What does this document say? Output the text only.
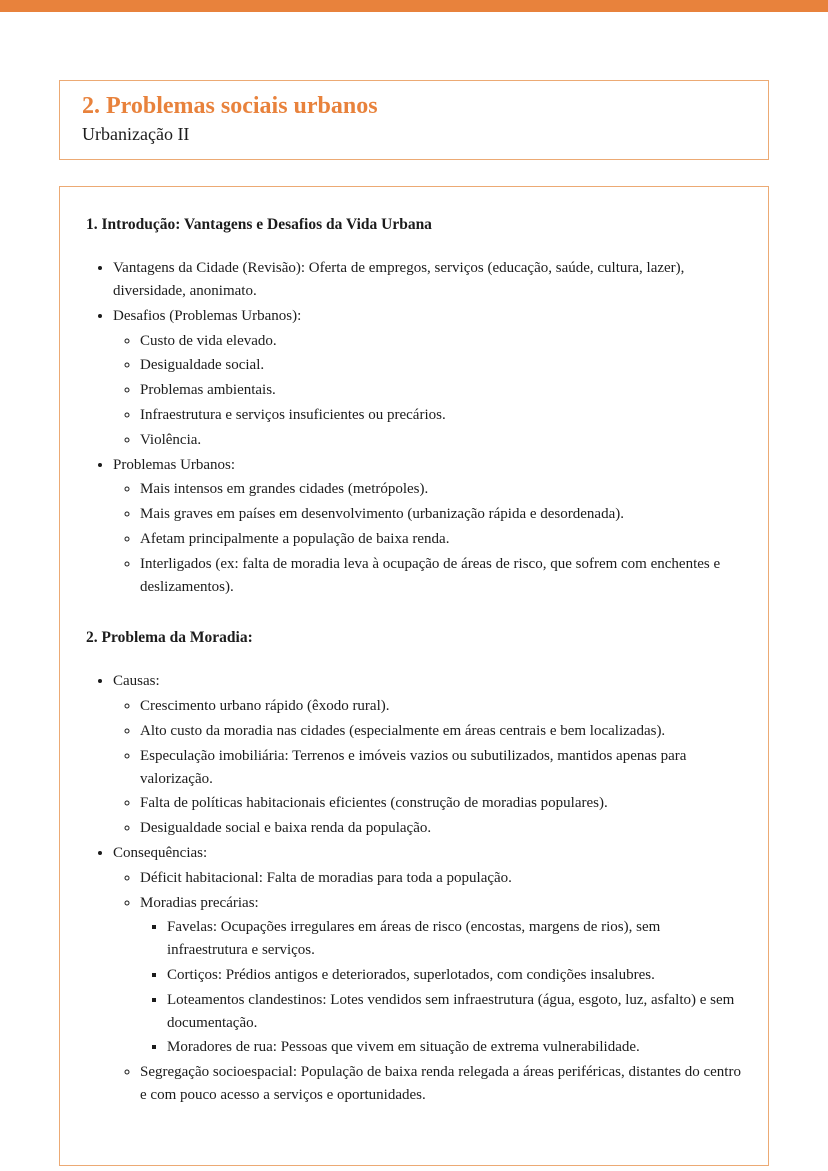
2. Problemas sociais urbanos
Urbanização II
1. Introdução: Vantagens e Desafios da Vida Urbana
• Vantagens da Cidade (Revisão): Oferta de empregos, serviços (educação, saúde, cultura, lazer), diversidade, anonimato.
• Desafios (Problemas Urbanos):
◦ Custo de vida elevado.
◦ Desigualdade social.
◦ Problemas ambientais.
◦ Infraestrutura e serviços insuficientes ou precários.
◦ Violência.
• Problemas Urbanos:
◦ Mais intensos em grandes cidades (metrópoles).
◦ Mais graves em países em desenvolvimento (urbanização rápida e desordenada).
◦ Afetam principalmente a população de baixa renda.
◦ Interligados (ex: falta de moradia leva à ocupação de áreas de risco, que sofrem com enchentes e deslizamentos).
2. Problema da Moradia:
• Causas:
◦ Crescimento urbano rápido (êxodo rural).
◦ Alto custo da moradia nas cidades (especialmente em áreas centrais e bem localizadas).
◦ Especulação imobiliária: Terrenos e imóveis vazios ou subutilizados, mantidos apenas para valorização.
◦ Falta de políticas habitacionais eficientes (construção de moradias populares).
◦ Desigualdade social e baixa renda da população.
• Consequências:
◦ Déficit habitacional: Falta de moradias para toda a população.
◦ Moradias precárias:
▪ Favelas: Ocupações irregulares em áreas de risco (encostas, margens de rios), sem infraestrutura e serviços.
▪ Cortiços: Prédios antigos e deteriorados, superlotados, com condições insalubres.
▪ Loteamentos clandestinos: Lotes vendidos sem infraestrutura (água, esgoto, luz, asfalto) e sem documentação.
▪ Moradores de rua: Pessoas que vivem em situação de extrema vulnerabilidade.
◦ Segregação socioespacial: População de baixa renda relegada a áreas periféricas, distantes do centro e com pouco acesso a serviços e oportunidades.
